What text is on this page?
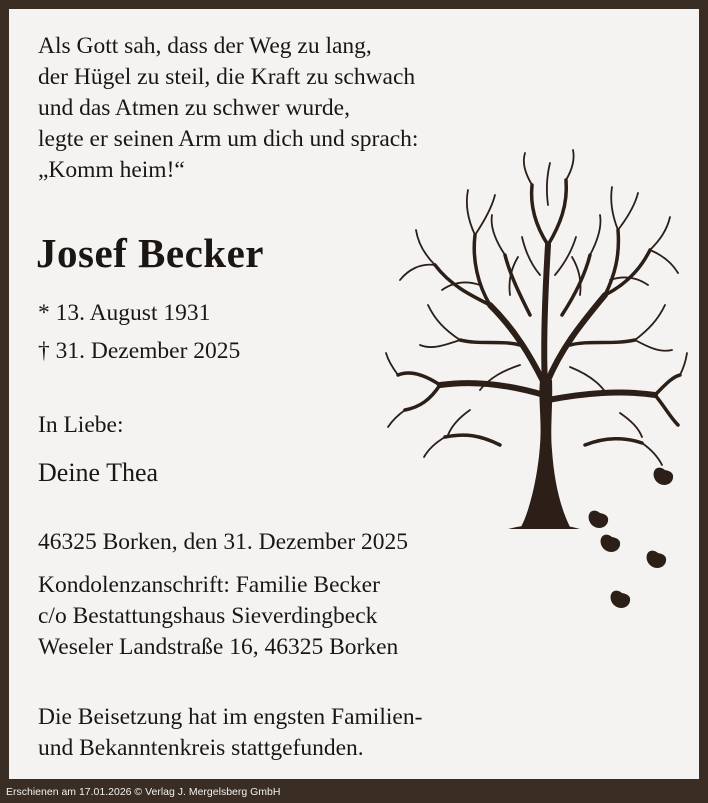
Als Gott sah, dass der Weg zu lang,
der Hügel zu steil, die Kraft zu schwach
und das Atmen zu schwer wurde,
legte er seinen Arm um dich und sprach:
„Komm heim!“
Josef Becker
* 13. August 1931
† 31. Dezember 2025
In Liebe:
Deine Thea
46325 Borken, den 31. Dezember 2025
Kondolenzanschrift: Familie Becker
c/o Bestattungshaus Sieverdingbeck
Weseler Landstraße 16, 46325 Borken
Die Beisetzung hat im engsten Familien-
und Bekanntenkreis stattgefunden.
Erschienen am 17.01.2026 © Verlag J. Mergelsberg GmbH
